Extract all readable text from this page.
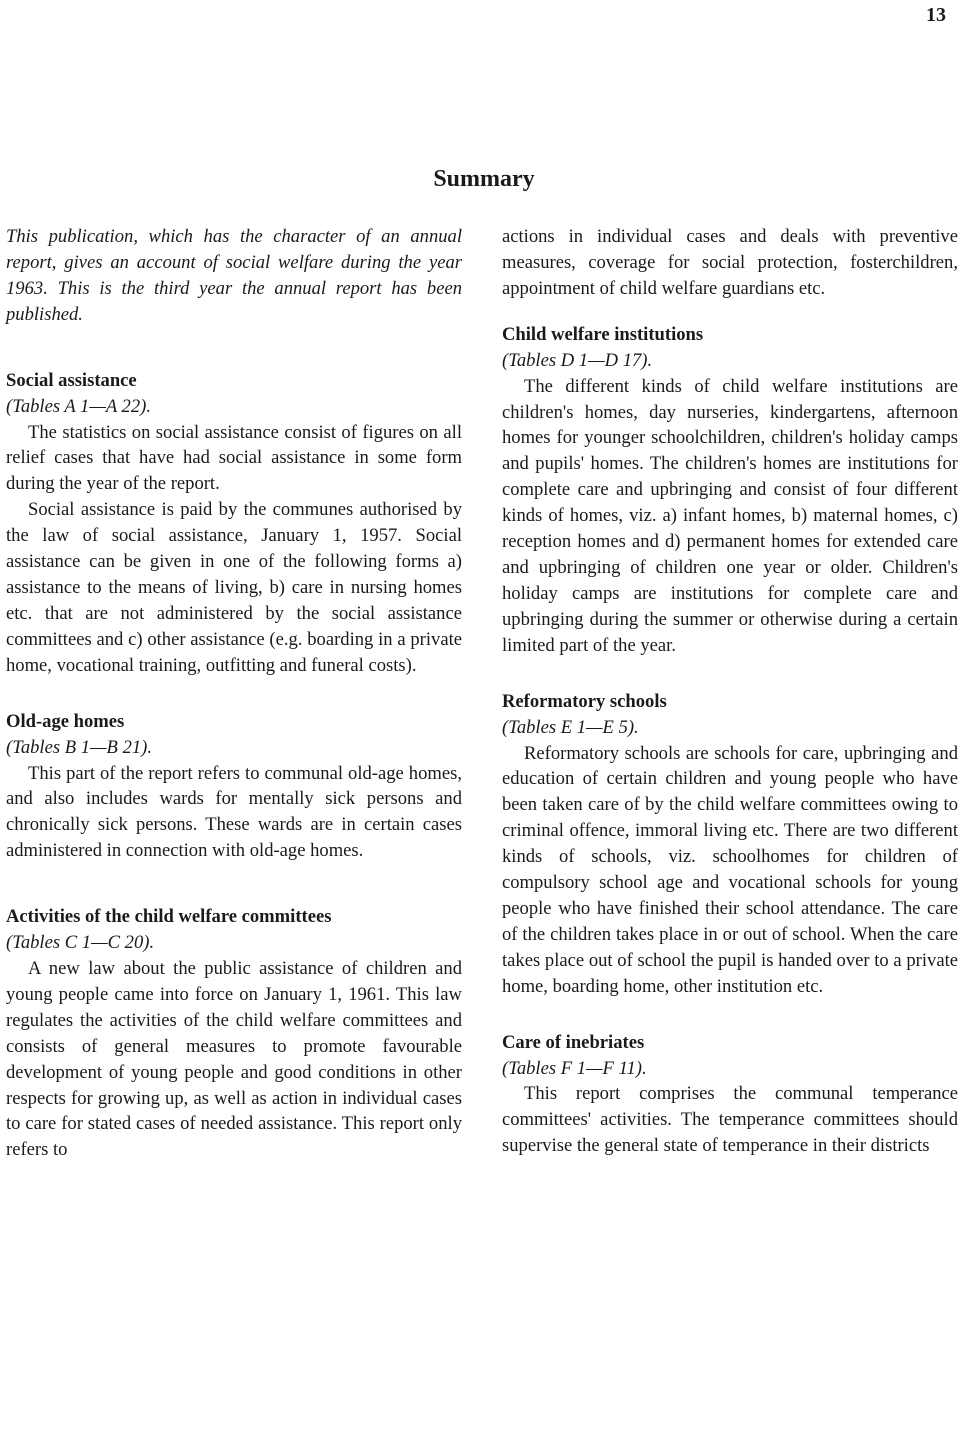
13
Summary

This publication, which has the character of an annual report, gives an account of social welfare during the year 1963. This is the third year the annual report has been published.

Social assistance

(Tables A 1—A 22).

The statistics on social assistance consist of figures on all relief cases that have had social assistance in some form during the year of the report.

Social assistance is paid by the communes authorised by the law of social assistance, January 1, 1957. Social assistance can be given in one of the following forms a) assistance to the means of living, b) care in nursing homes etc. that are not administered by the social assistance committees and c) other assistance (e.g. boarding in a private home, vocational training, outfitting and funeral costs).

Old-age homes

(Tables B 1—B 21).

This part of the report refers to communal old-age homes, and also includes wards for mentally sick persons and chronically sick persons. These wards are in certain cases administered in connection with old-age homes.

Activities of the child welfare committees

(Tables C 1—C 20).

A new law about the public assistance of children and young people came into force on January 1, 1961. This law regulates the activities of the child welfare committees and consists of general measures to promote favourable development of young people and good conditions in other respects for growing up, as well as action in individual cases to care for stated cases of needed assistance. This report only refers to

actions in individual cases and deals with preventive measures, coverage for social protection, fosterchildren, appointment of child welfare guardians etc.

Child welfare institutions

(Tables D 1—D 17).

The different kinds of child welfare institutions are children's homes, day nurseries, kindergartens, afternoon homes for younger schoolchildren, children's holiday camps and pupils' homes. The children's homes are institutions for complete care and upbringing and consist of four different kinds of homes, viz. a) infant homes, b) maternal homes, c) reception homes and d) permanent homes for extended care and upbringing of children one year or older. Children's holiday camps are institutions for complete care and upbringing during the summer or otherwise during a certain limited part of the year.

Reformatory schools

(Tables E 1—E 5).

Reformatory schools are schools for care, upbringing and education of certain children and young people who have been taken care of by the child welfare committees owing to criminal offence, immoral living etc. There are two different kinds of schools, viz. schoolhomes for children of compulsory school age and vocational schools for young people who have finished their school attendance. The care of the children takes place in or out of school. When the care takes place out of school the pupil is handed over to a private home, boarding home, other institution etc.

Care of inebriates

(Tables F 1—F 11).

This report comprises the communal temperance committees' activities. The temperance committees should supervise the general state of temperance in their districts
